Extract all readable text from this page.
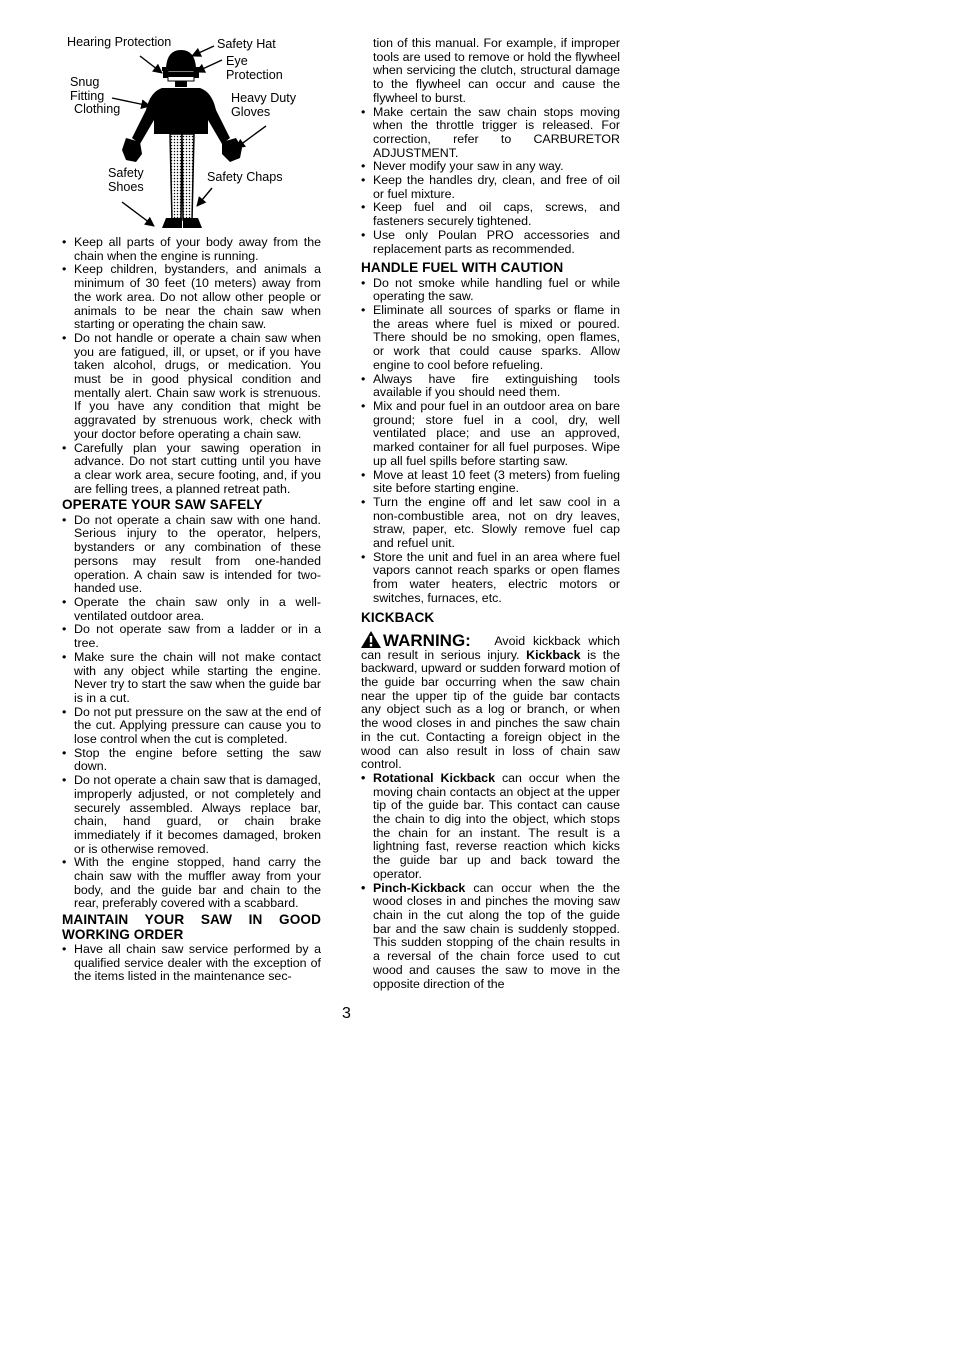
Hearing Protection	Safety Hat
Eye
Protection
Snug
Fitting
Clothing
Heavy Duty
Gloves
Safety
Shoes
Safety Chaps
• Keep all parts of your body away from the chain when the engine is running.
• Keep children, bystanders, and animals a minimum of 30 feet (10 meters) away from the work area. Do not allow other people or animals to be near the chain saw when starting or operating the chain saw.
• Do not handle or operate a chain saw when you are fatigued, ill, or upset, or if you have taken alcohol, drugs, or medication. You must be in good physical condition and mentally alert. Chain saw work is strenuous. If you have any condition that might be aggravated by strenuous work, check with your doctor before operating a chain saw.
• Carefully plan your sawing operation in advance. Do not start cutting until you have a clear work area, secure footing, and, if you are felling trees, a planned retreat path.
OPERATE YOUR SAW SAFELY
• Do not operate a chain saw with one hand. Serious injury to the operator, helpers, bystanders or any combination of these persons may result from one-handed operation. A chain saw is intended for two-handed use.
• Operate the chain saw only in a well-ventilated outdoor area.
• Do not operate saw from a ladder or in a tree.
• Make sure the chain will not make contact with any object while starting the engine. Never try to start the saw when the guide bar is in a cut.
• Do not put pressure on the saw at the end of the cut. Applying pressure can cause you to lose control when the cut is completed.
• Stop the engine before setting the saw down.
• Do not operate a chain saw that is damaged, improperly adjusted, or not completely and securely assembled. Always replace bar, chain, hand guard, or chain brake immediately if it becomes damaged, broken or is otherwise removed.
• With the engine stopped, hand carry the chain saw with the muffler away from your body, and the guide bar and chain to the rear, preferably covered with a scabbard.
MAINTAIN YOUR SAW IN GOOD WORKING ORDER
• Have all chain saw service performed by a qualified service dealer with the exception of the items listed in the maintenance sec-

tion of this manual. For example, if improper tools are used to remove or hold the flywheel when servicing the clutch, structural damage to the flywheel can occur and cause the flywheel to burst.

• Make certain the saw chain stops moving when the throttle trigger is released. For correction, refer to CARBURETOR ADJUSTMENT.
• Never modify your saw in any way.
• Keep the handles dry, clean, and free of oil or fuel mixture.
• Keep fuel and oil caps, screws, and fasteners securely tightened.
• Use only Poulan PRO accessories and replacement parts as recommended.
HANDLE FUEL WITH CAUTION
• Do not smoke while handling fuel or while operating the saw.
• Eliminate all sources of sparks or flame in the areas where fuel is mixed or poured. There should be no smoking, open flames, or work that could cause sparks. Allow engine to cool before refueling.
• Always have fire extinguishing tools available if you should need them.
• Mix and pour fuel in an outdoor area on bare ground; store fuel in a cool, dry, well ventilated place; and use an approved, marked container for all fuel purposes. Wipe up all fuel spills before starting saw.
• Move at least 10 feet (3 meters) from fueling site before starting engine.
• Turn the engine off and let saw cool in a non-combustible area, not on dry leaves, straw, paper, etc. Slowly remove fuel cap and refuel unit.
• Store the unit and fuel in an area where fuel vapors cannot reach sparks or open flames from water heaters, electric motors or switches, furnaces, etc.
KICKBACK

WARNING: Avoid kickback which can result in serious injury. Kickback is the backward, upward or sudden forward motion of the guide bar occurring when the saw chain near the upper tip of the guide bar contacts any object such as a log or branch, or when the wood closes in and pinches the saw chain in the cut. Contacting a foreign object in the wood can also result in loss of chain saw control.

• Rotational Kickback can occur when the moving chain contacts an object at the upper tip of the guide bar. This contact can cause the chain to dig into the object, which stops the chain for an instant. The result is a lightning fast, reverse reaction which kicks the guide bar up and back toward the operator.
• Pinch-Kickback can occur when the the wood closes in and pinches the moving saw chain in the cut along the top of the guide bar and the saw chain is suddenly stopped. This sudden stopping of the chain results in a reversal of the chain force used to cut wood and causes the saw to move in the opposite direction of the
3
